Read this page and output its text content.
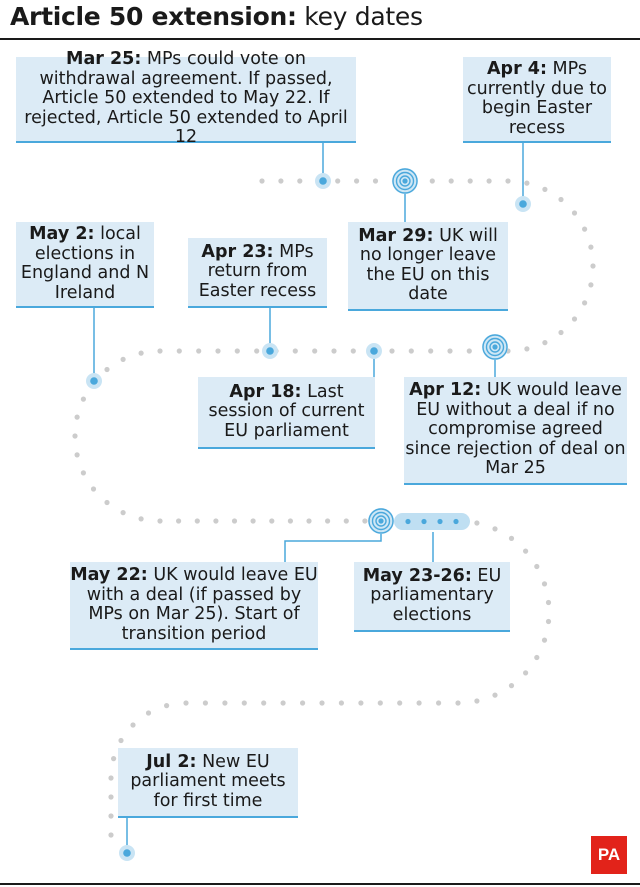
Article 50 extension: key dates
Mar 25: MPs could vote on withdrawal agreement. If passed, Article 50 extended to May 22. If rejected, Article 50 extended to April 12
Apr 4: MPs currently due to begin Easter recess
Mar 29: UK will no longer leave the EU on this date
May 2: local elections in England and N Ireland
Apr 23: MPs return from Easter recess
Apr 18: Last session of current EU parliament
Apr 12: UK would leave EU without a deal if no compromise agreed since rejection of deal on Mar 25
May 22: UK would leave EU with a deal (if passed by MPs on Mar 25). Start of transition period
May 23-26: EU parliamentary elections
Jul 2: New EU parliament meets for first time
PA
